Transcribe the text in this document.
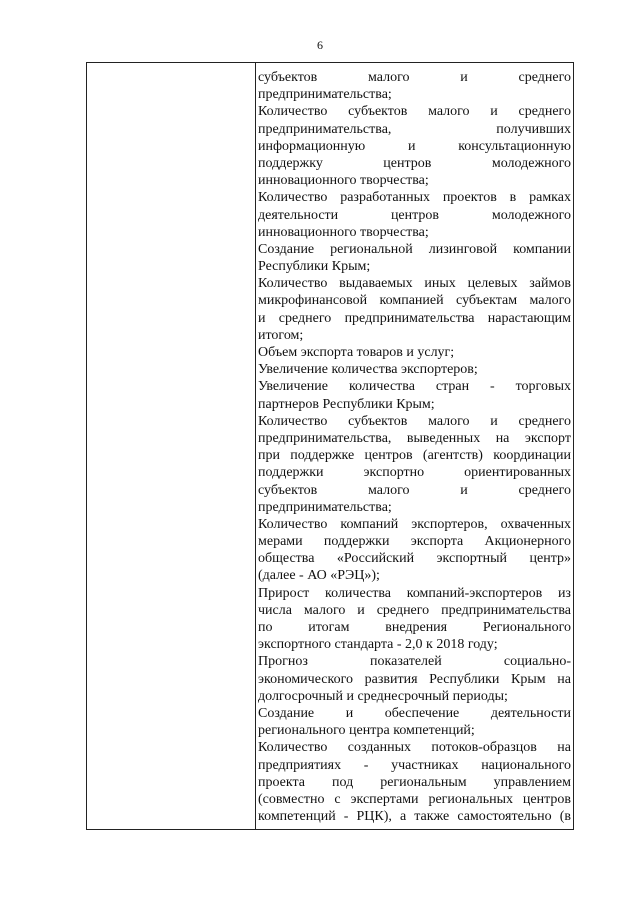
6
субъектов	малого	и	среднего
предпринимательства;
Количество субъектов малого и среднего
предпринимательства,	получивших
информационную	и	консультационную
поддержку	центров	молодежного
инновационного творчества;
Количество разработанных проектов в рамках
деятельности	центров	молодежного
инновационного творчества;
Создание региональной лизинговой компании
Республики Крым;
Количество выдаваемых иных целевых займов
микрофинансовой компанией субъектам малого
и среднего предпринимательства нарастающим
итогом;
Объем экспорта товаров и услуг;
Увеличение количества экспортеров;
Увеличение количества стран - торговых
партнеров Республики Крым;
Количество субъектов малого и среднего
предпринимательства, выведенных на экспорт
при поддержке центров (агентств) координации
поддержки	экспортно	ориентированных
субъектов	малого	и	среднего
предпринимательства;
Количество компаний экспортеров, охваченных
мерами поддержки экспорта Акционерного
общества «Российский экспортный центр»
(далее - АО «РЭЦ»);
Прирост количества компаний-экспортеров из
числа малого и среднего предпринимательства
по	итогам	внедрения	Регионального
экспортного стандарта - 2,0 к 2018 году;
Прогноз	показателей	социально-
экономического развития Республики Крым на
долгосрочный и среднесрочный периоды;
Создание и обеспечение деятельности
регионального центра компетенций;
Количество созданных потоков-образцов на
предприятиях - участниках национального
проекта под региональным управлением
(совместно с экспертами региональных центров
компетенций - РЦК), а также самостоятельно (в
